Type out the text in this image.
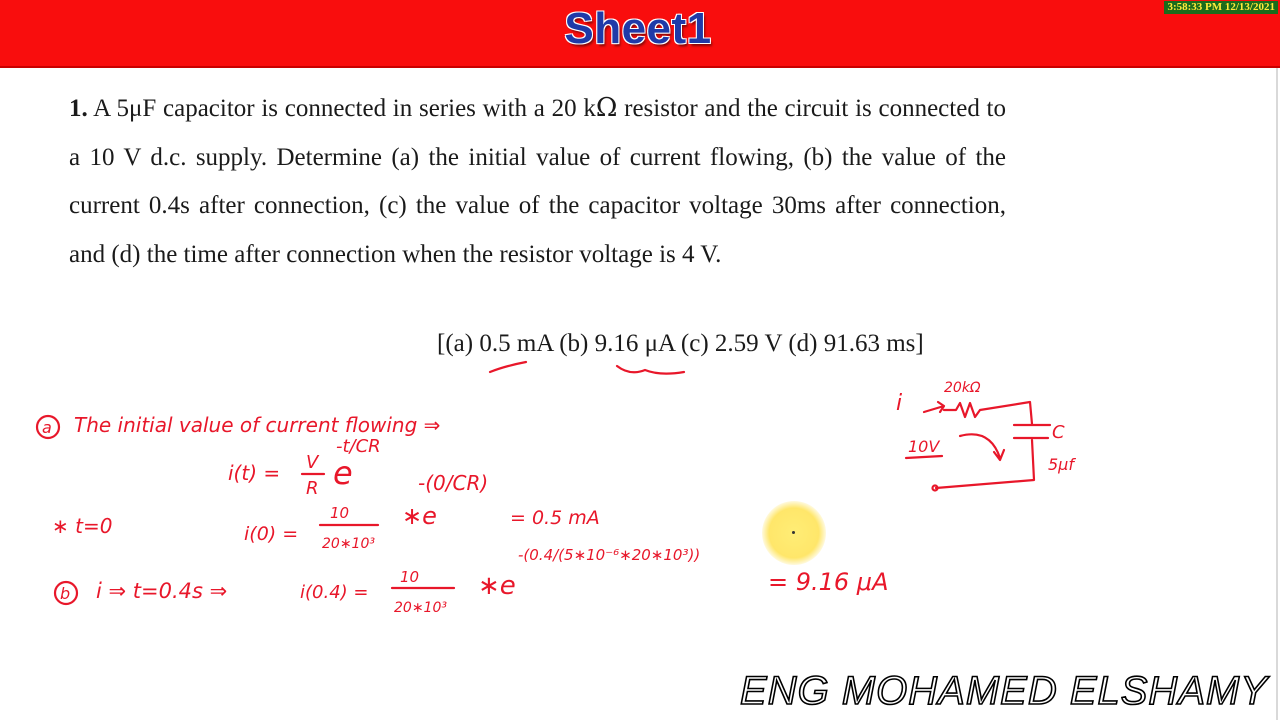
Sheet1	3:58:33 PM 12/13/2021
1. A 5μF capacitor is connected in series with a 20 kΩ resistor and the circuit is connected to a 10 V d.c. supply. Determine (a) the initial value of current flowing, (b) the value of the current 0.4s after connection, (c) the value of the capacitor voltage 30ms after connection, and (d) the time after connection when the resistor voltage is 4 V.
[(a) 0.5 mA (b) 9.16 μA (c) 2.59 V (d) 91.63 ms]
a The initial value of current flowing ⇒
i(t) = V
R e
-t/CR
-(0/CR)
∗ t=0	i(0) =
10
20∗10³
∗e	= 0.5 mA
b i ⇒ t=0.4s ⇒	i(0.4) =
10
20∗10³
∗e
-(0.4/(5∗10⁻⁶∗20∗10³))
= 9.16 μA
i
20kΩ
C
5μf
10V
ENG MOHAMED ELSHAMY
